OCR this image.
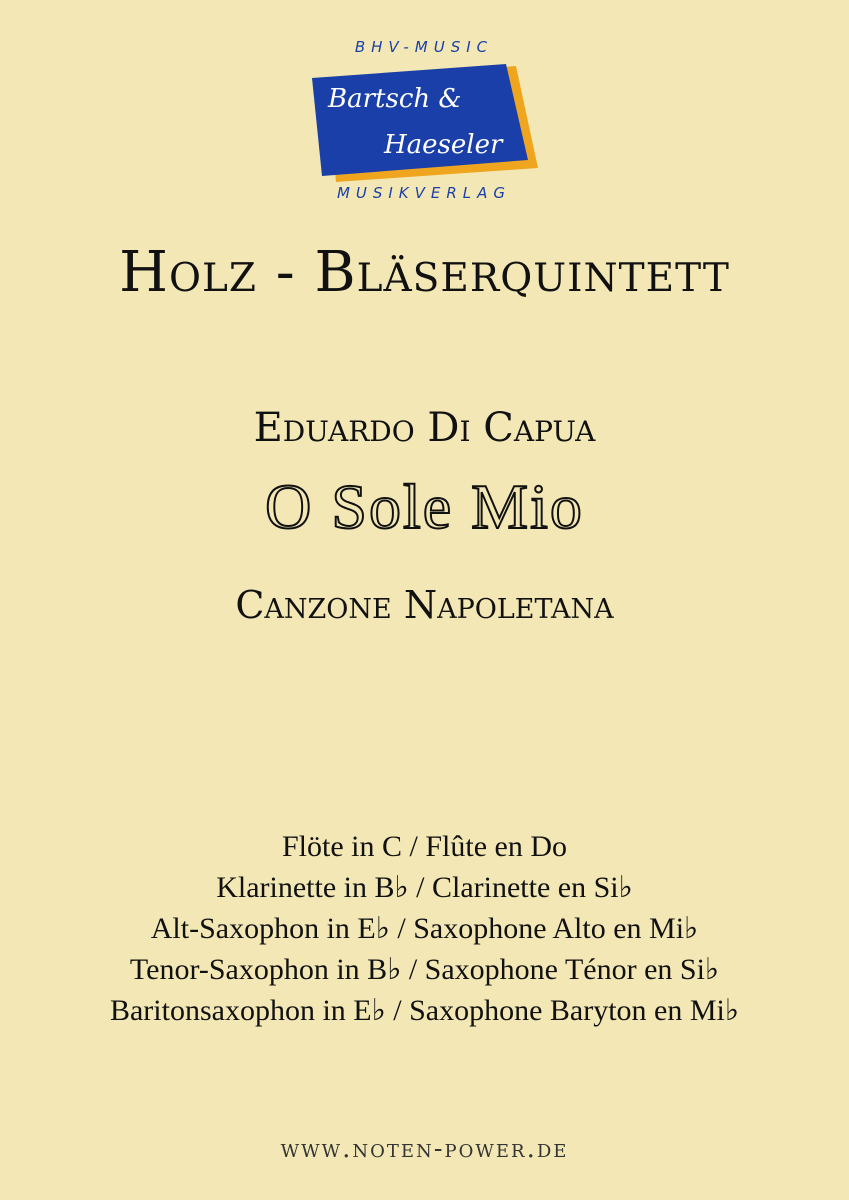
BHV-MUSIC
Bartsch &
Haeseler
MUSIKVERLAG
Holz - Bläserquintett
Eduardo Di Capua
O Sole Mio
Canzone Napoletana
Flöte in C / Flûte en Do
Klarinette in B♭ / Clarinette en Si♭
Alt-Saxophon in E♭ / Saxophone Alto en Mi♭
Tenor-Saxophon in B♭ / Saxophone Ténor en Si♭
Baritonsaxophon in E♭ / Saxophone Baryton en Mi♭
www.noten-power.de
